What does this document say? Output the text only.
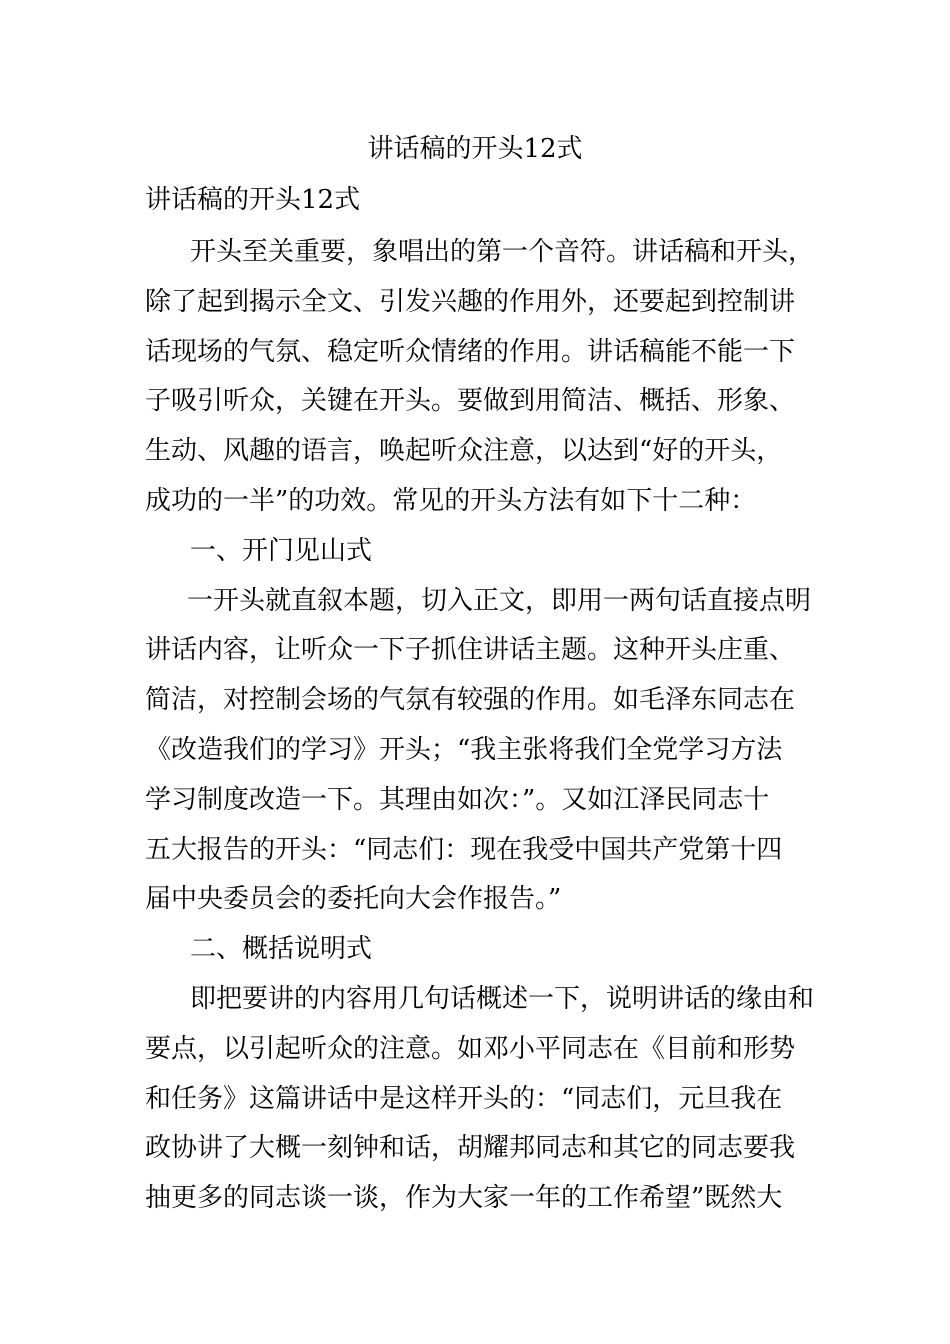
讲话稿的开头12式
讲话稿的开头12式
开头至关重要，象唱出的第一个音符。讲话稿和开头，
除了起到揭示全文、引发兴趣的作用外，还要起到控制讲
话现场的气氛、稳定听众情绪的作用。讲话稿能不能一下
子吸引听众，关键在开头。要做到用简洁、概括、形象、
生动、风趣的语言，唤起听众注意，以达到“好的开头，
成功的一半”的功效。常见的开头方法有如下十二种：
一、开门见山式
一开头就直叙本题，切入正文，即用一两句话直接点明
讲话内容，让听众一下子抓住讲话主题。这种开头庄重、
简洁，对控制会场的气氛有较强的作用。如毛泽东同志在
《改造我们的学习》开头；“我主张将我们全党学习方法
学习制度改造一下。其理由如次：”。又如江泽民同志十
五大报告的开头：“同志们：现在我受中国共产党第十四
届中央委员会的委托向大会作报告。”
二、概括说明式
即把要讲的内容用几句话概述一下，说明讲话的缘由和
要点，以引起听众的注意。如邓小平同志在《目前和形势
和任务》这篇讲话中是这样开头的：“同志们，元旦我在
政协讲了大概一刻钟和话，胡耀邦同志和其它的同志要我
抽更多的同志谈一谈，作为大家一年的工作希望”既然大
